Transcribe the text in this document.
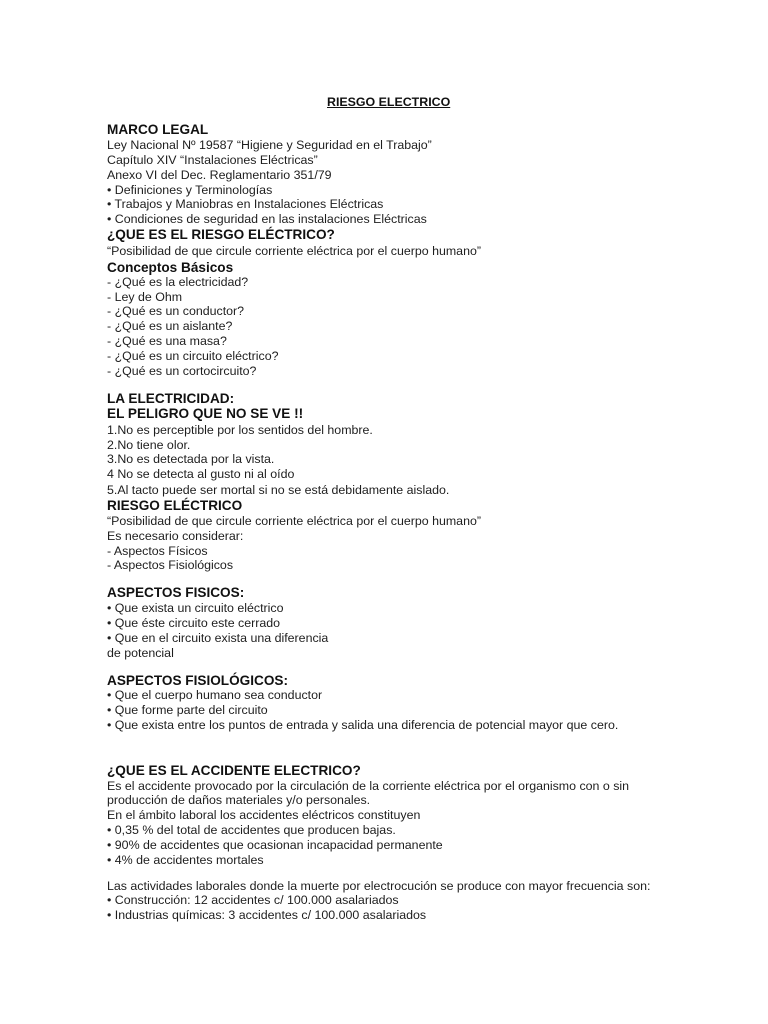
RIESGO ELECTRICO
MARCO LEGAL
Ley Nacional Nº 19587 “Higiene y Seguridad en el Trabajo”
Capítulo XIV “Instalaciones Eléctricas”
Anexo VI del Dec. Reglamentario 351/79
• Definiciones y Terminologías
• Trabajos y Maniobras en Instalaciones Eléctricas
• Condiciones de seguridad en las instalaciones Eléctricas
¿QUE ES EL RIESGO ELÉCTRICO?
“Posibilidad de que circule corriente eléctrica por el cuerpo humano”
Conceptos Básicos
- ¿Qué es la electricidad?
- Ley de Ohm
- ¿Qué es un conductor?
- ¿Qué es un aislante?
- ¿Qué es una masa?
- ¿Qué es un circuito eléctrico?
- ¿Qué es un cortocircuito?
LA ELECTRICIDAD:
EL PELIGRO QUE NO SE VE !!
1.No es perceptible por los sentidos del hombre.
2.No tiene olor.
3.No es detectada por la vista.
4 No se detecta al gusto ni al oído
5.Al tacto puede ser mortal si no se está debidamente aislado.
RIESGO ELÉCTRICO
“Posibilidad de que circule corriente eléctrica por el cuerpo humano”
Es necesario considerar:
- Aspectos Físicos
- Aspectos Fisiológicos
ASPECTOS FISICOS:
• Que exista un circuito eléctrico
• Que éste circuito este cerrado
• Que en el circuito exista una diferencia
de potencial
ASPECTOS FISIOLÓGICOS:
• Que el cuerpo humano sea conductor
• Que forme parte del circuito
• Que exista entre los puntos de entrada y salida una diferencia de potencial mayor que cero.
¿QUE ES EL ACCIDENTE ELECTRICO?
Es el accidente provocado por la circulación de la corriente eléctrica por el organismo con o sin
producción de daños materiales y/o personales.
En el ámbito laboral los accidentes eléctricos constituyen
• 0,35 % del total de accidentes que producen bajas.
• 90% de accidentes que ocasionan incapacidad permanente
• 4% de accidentes mortales
Las actividades laborales donde la muerte por electrocución se produce con mayor frecuencia son:
• Construcción: 12 accidentes c/ 100.000 asalariados
• Industrias químicas: 3 accidentes c/ 100.000 asalariados
